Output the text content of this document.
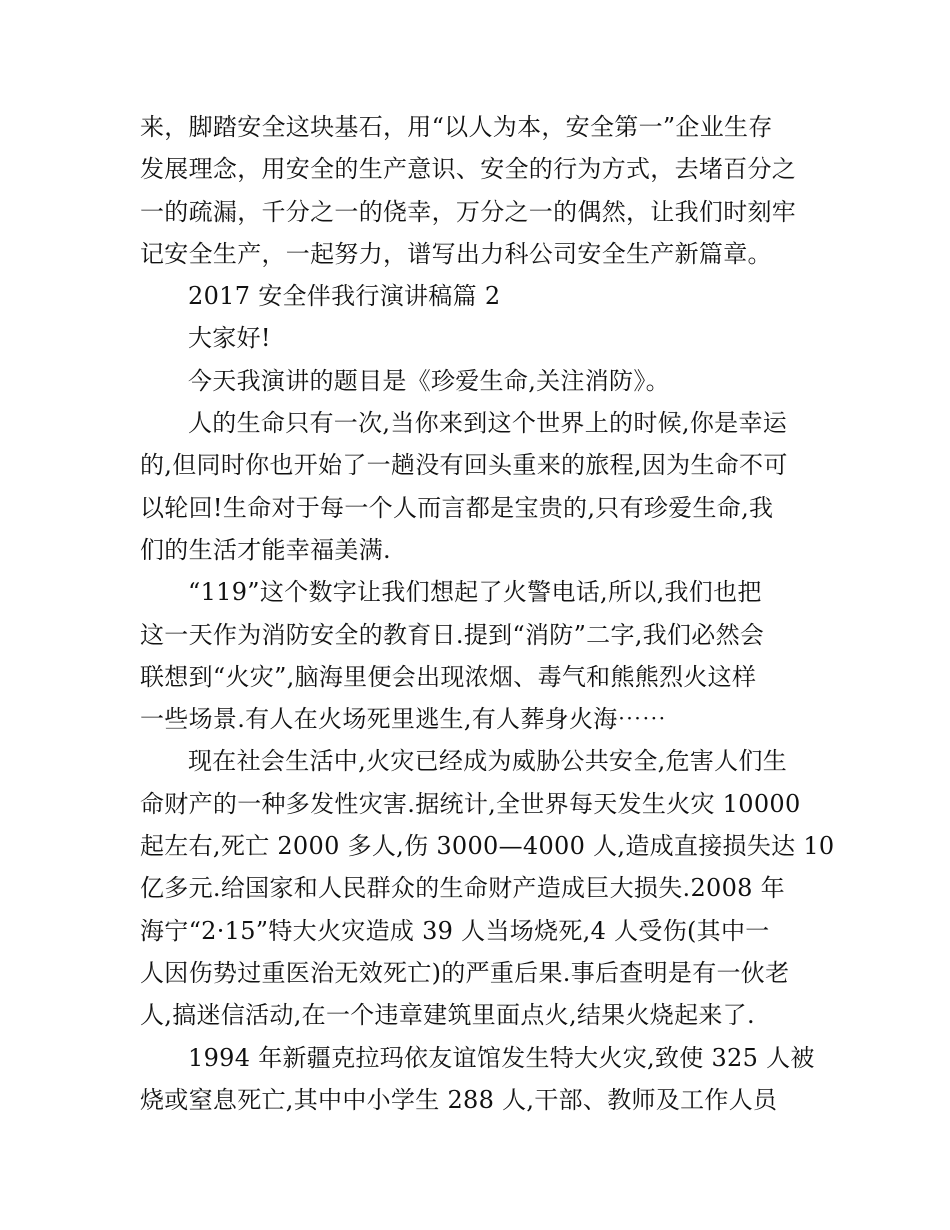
来，脚踏安全这块基石，用“以人为本，安全第一”企业生存
发展理念，用安全的生产意识、安全的行为方式，去堵百分之
一的疏漏，千分之一的侥幸，万分之一的偶然，让我们时刻牢
记安全生产，一起努力，谱写出力科公司安全生产新篇章。
2017 安全伴我行演讲稿篇 2
大家好!
今天我演讲的题目是《珍爱生命,关注消防》。
人的生命只有一次,当你来到这个世界上的时候,你是幸运
的,但同时你也开始了一趟没有回头重来的旅程,因为生命不可
以轮回!生命对于每一个人而言都是宝贵的,只有珍爱生命,我
们的生活才能幸福美满.
“119”这个数字让我们想起了火警电话,所以,我们也把
这一天作为消防安全的教育日.提到“消防”二字,我们必然会
联想到“火灾”,脑海里便会出现浓烟、毒气和熊熊烈火这样
一些场景.有人在火场死里逃生,有人葬身火海⋯⋯
现在社会生活中,火灾已经成为威胁公共安全,危害人们生
命财产的一种多发性灾害.据统计,全世界每天发生火灾 10000
起左右,死亡 2000 多人,伤 3000—4000 人,造成直接损失达 10
亿多元.给国家和人民群众的生命财产造成巨大损失.2008 年
海宁“2·15”特大火灾造成 39 人当场烧死,4 人受伤(其中一
人因伤势过重医治无效死亡)的严重后果.事后查明是有一伙老
人,搞迷信活动,在一个违章建筑里面点火,结果火烧起来了.
1994 年新疆克拉玛依友谊馆发生特大火灾,致使 325 人被
烧或窒息死亡,其中中小学生 288 人,干部、教师及工作人员
